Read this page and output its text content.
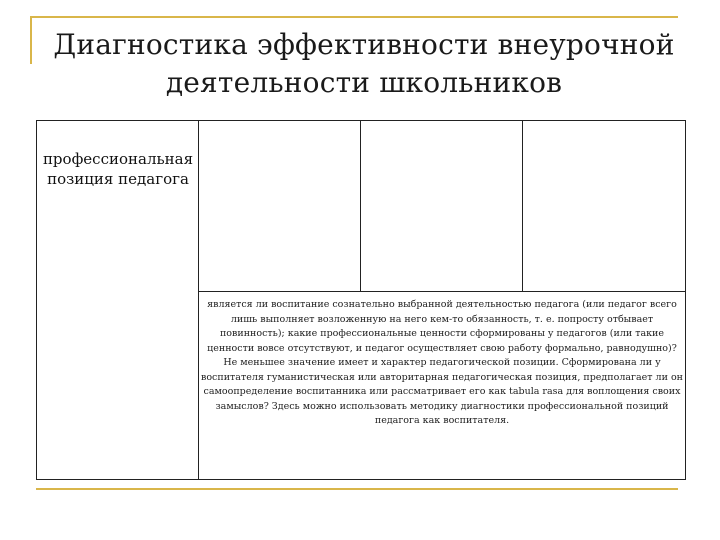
Диагностика эффективности внеурочной
деятельности школьников
профессиональная позиция педагога
является ли воспитание сознательно выбранной деятельностью педагога (или педагог всего лишь выполняет возложенную на него кем-то обязанность, т. е. попросту отбывает повинность); какие профессиональные ценности сформированы у педагогов (или такие ценности вовсе отсутствуют, и педагог осуществляет свою работу формально, равнодушно)? Не меньшее значение имеет и характер педагогической позиции. Сформирована ли у воспитателя гуманистическая или авторитарная педагогическая позиция, предполагает ли он самоопределение воспитанника или рассматривает его как tabula rasa для воплощения своих замыслов? Здесь можно использовать методику диагностики профессиональной позиций педагога как воспитателя.
